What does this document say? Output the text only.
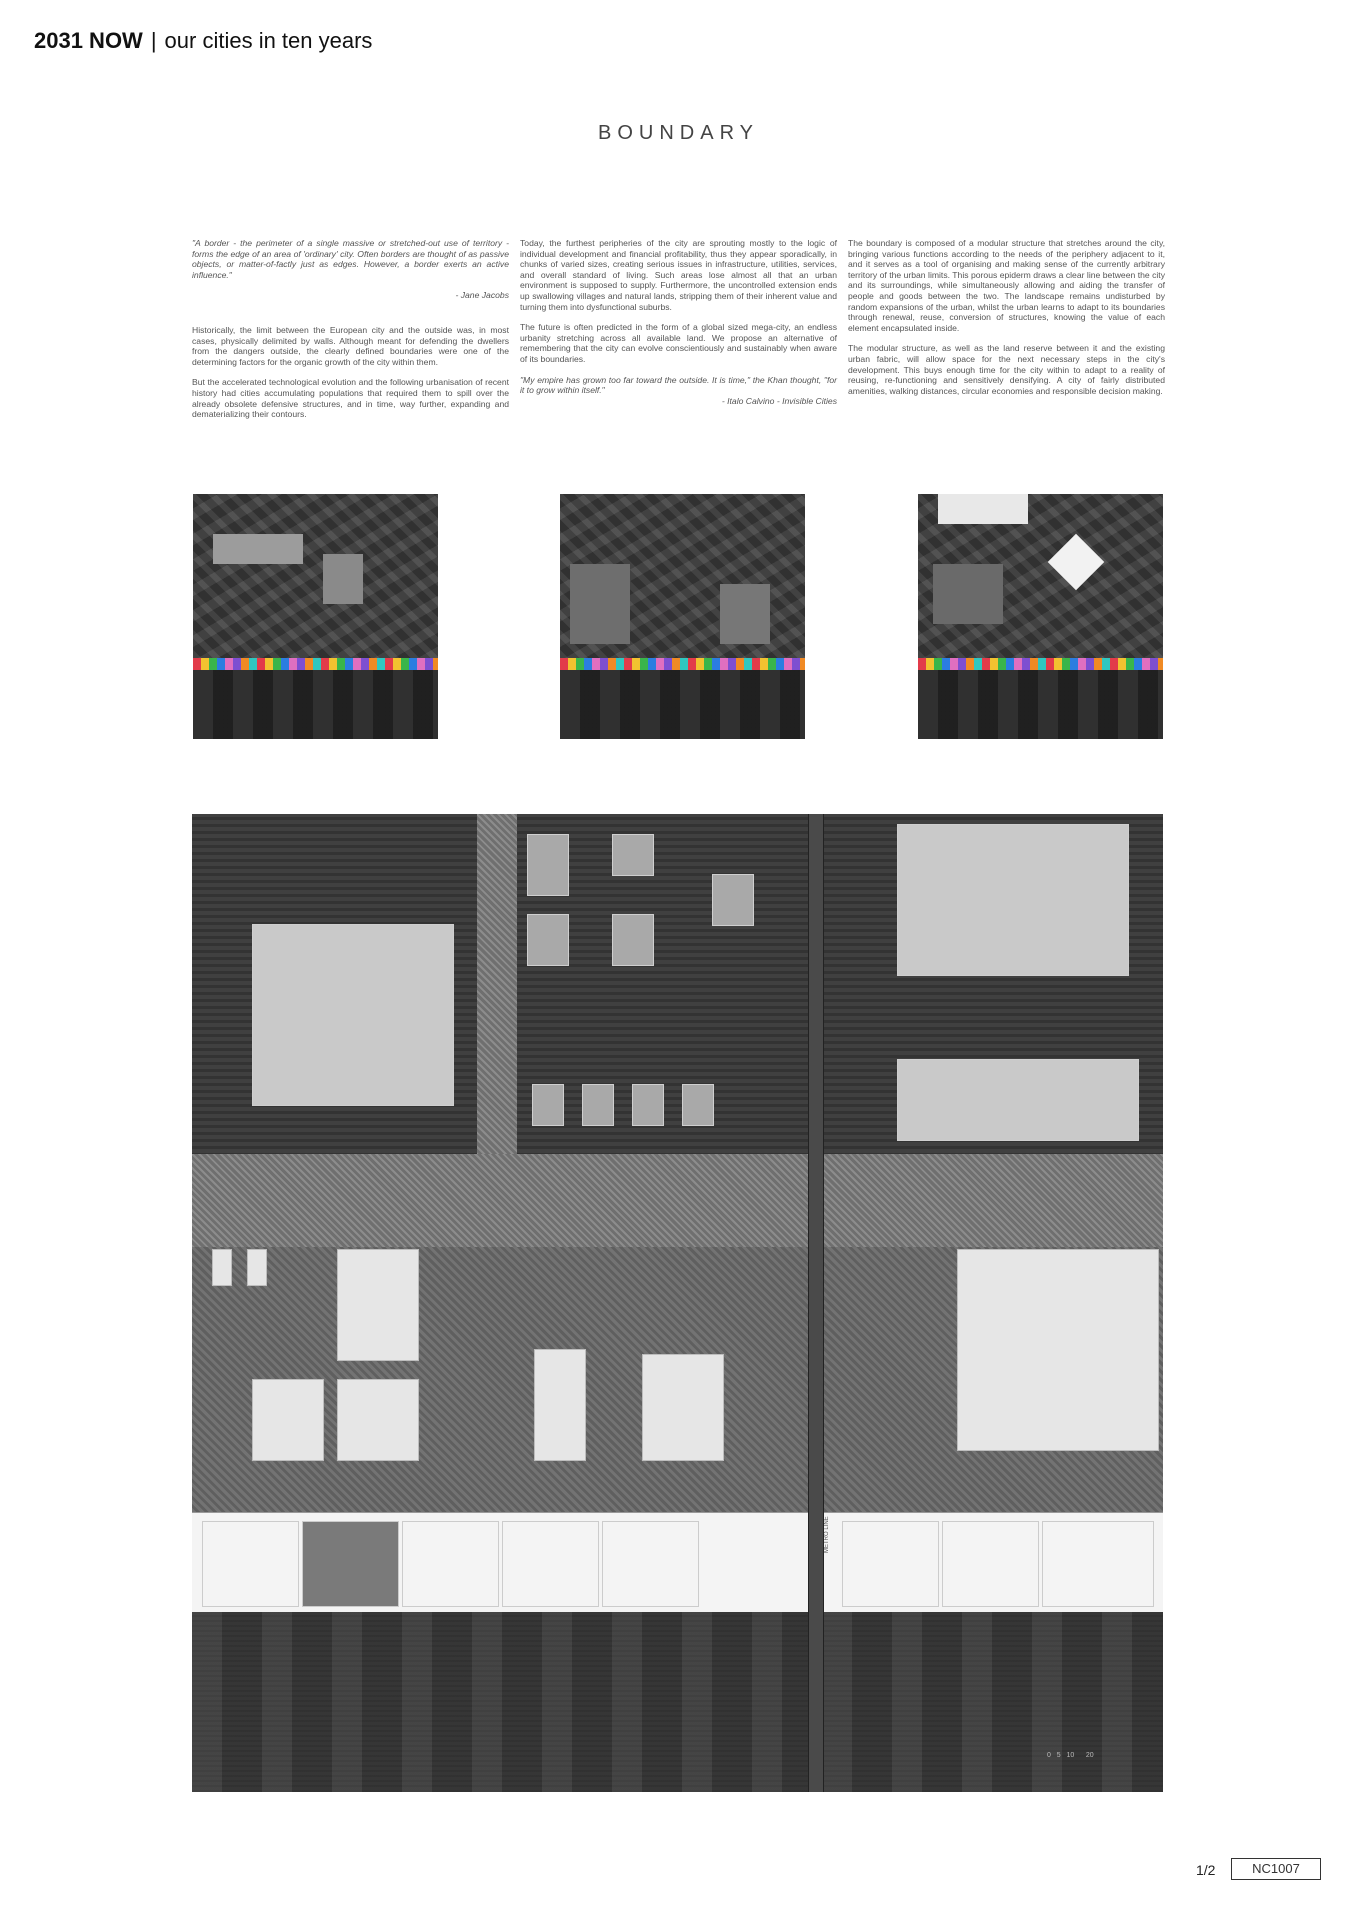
2031 NOW | our cities in ten years
BOUNDARY

"A border - the perimeter of a single massive or stretched-out use of territory - forms the edge of an area of 'ordinary' city. Often borders are thought of as passive objects, or matter-of-factly just as edges. However, a border exerts an active influence."

- Jane Jacobs

Historically, the limit between the European city and the outside was, in most cases, physically delimited by walls. Although meant for defending the dwellers from the dangers outside, the clearly defined boundaries were one of the determining factors for the organic growth of the city within them.

But the accelerated technological evolution and the following urbanisation of recent history had cities accumulating populations that required them to spill over the already obsolete defensive structures, and in time, way further, expanding and dematerializing their contours.

Today, the furthest peripheries of the city are sprouting mostly to the logic of individual development and financial profitability, thus they appear sporadically, in chunks of varied sizes, creating serious issues in infrastructure, utilities, services, and overall standard of living. Such areas lose almost all that an urban environment is supposed to supply. Furthermore, the uncontrolled extension ends up swallowing villages and natural lands, stripping them of their inherent value and turning them into dysfunctional suburbs.

The future is often predicted in the form of a global sized mega-city, an endless urbanity stretching across all available land. We propose an alternative of remembering that the city can evolve conscientiously and sustainably when aware of its boundaries.

"My empire has grown too far toward the outside. It is time," the Khan thought, "for it to grow within itself."

- Italo Calvino - Invisible Cities

The boundary is composed of a modular structure that stretches around the city, bringing various functions according to the needs of the periphery adjacent to it, and it serves as a tool of organising and making sense of the currently arbitrary territory of the urban limits. This porous epiderm draws a clear line between the city and its surroundings, while simultaneously allowing and aiding the transfer of people and goods between the two. The landscape remains undisturbed by random expansions of the urban, whilst the urban learns to adapt to its boundaries through renewal, reuse, conversion of structures, knowing the value of each element encapsulated inside.

The modular structure, as well as the land reserve between it and the existing urban fabric, will allow space for the next necessary steps in the city's development. This buys enough time for the city within to adapt to a reality of reusing, re-functioning and sensitively densifying. A city of fairly distributed amenities, walking distances, circular economies and responsible decision making.

METRO LINE
0   5   10      20
1/2	NC1007
